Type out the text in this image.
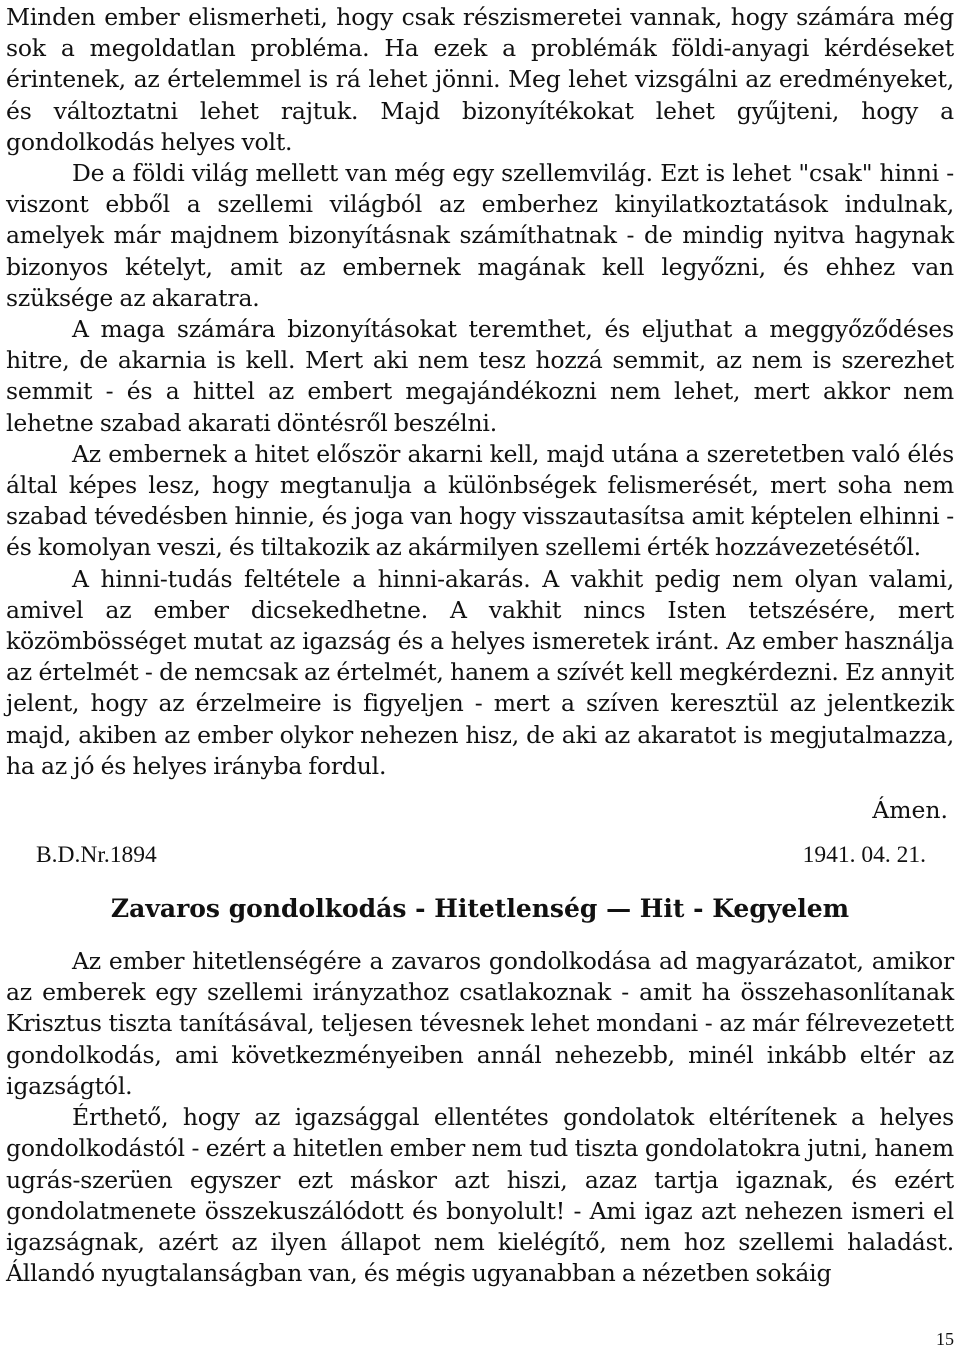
Minden ember elismerheti, hogy csak részismeretei vannak, hogy számára még sok a megoldatlan probléma. Ha ezek a problémák földi-anyagi kérdéseket érintenek, az értelemmel is rá lehet jönni. Meg lehet vizsgálni az eredményeket, és változtatni lehet rajtuk. Majd bizonyítékokat lehet gyűjteni, hogy a gondolkodás helyes volt.

De a földi világ mellett van még egy szellemvilág. Ezt is lehet "csak" hinni - viszont ebből a szellemi világból az emberhez kinyilatkoztatások indulnak, amelyek már majdnem bizonyításnak számíthatnak - de mindig nyitva hagynak bizonyos kételyt, amit az embernek magának kell legyőzni, és ehhez van szüksége az akaratra.

A maga számára bizonyításokat teremthet, és eljuthat a meggyőződéses hitre, de akarnia is kell. Mert aki nem tesz hozzá semmit, az nem is szerezhet semmit - és a hittel az embert megajándékozni nem lehet, mert akkor nem lehetne szabad akarati döntésről beszélni.

Az embernek a hitet először akarni kell, majd utána a szeretetben való élés által képes lesz, hogy megtanulja a különbségek felismerését, mert soha nem szabad tévedésben hinnie, és joga van hogy visszautasítsa amit képtelen elhinni - és komolyan veszi, és tiltakozik az akármilyen szellemi érték hozzávezetésétől.

A hinni-tudás feltétele a hinni-akarás. A vakhit pedig nem olyan valami, amivel az ember dicsekedhetne. A vakhit nincs Isten tetszésére, mert közömbösséget mutat az igazság és a helyes ismeretek iránt. Az ember használja az értelmét - de nemcsak az értelmét, hanem a szívét kell megkérdezni. Ez annyit jelent, hogy az érzelmeire is figyeljen - mert a szíven keresztül az jelentkezik majd, akiben az ember olykor nehezen hisz, de aki az akaratot is megjutalmazza, ha az jó és helyes irányba fordul.

Ámen.
B.D.Nr.1894	1941. 04. 21.
Zavaros gondolkodás - Hitetlenség — Hit - Kegyelem

Az ember hitetlenségére a zavaros gondolkodása ad magyarázatot, amikor az emberek egy szellemi irányzathoz csatlakoznak - amit ha összehasonlítanak Krisztus tiszta tanításával, teljesen tévesnek lehet mondani - az már félrevezetett gondolkodás, ami következményeiben annál nehezebb, minél inkább eltér az igazságtól.

Érthető, hogy az igazsággal ellentétes gondolatok eltérítenek a helyes gondolkodástól - ezért a hitetlen ember nem tud tiszta gondolatokra jutni, hanem ugrás-szerüen egyszer ezt máskor azt hiszi, azaz tartja igaznak, és ezért gondolatmenete összekuszálódott és bonyolult! - Ami igaz azt nehezen ismeri el igazságnak, azért az ilyen állapot nem kielégítő, nem hoz szellemi haladást. Állandó nyugtalanságban van, és mégis ugyanabban a nézetben sokáig

15
